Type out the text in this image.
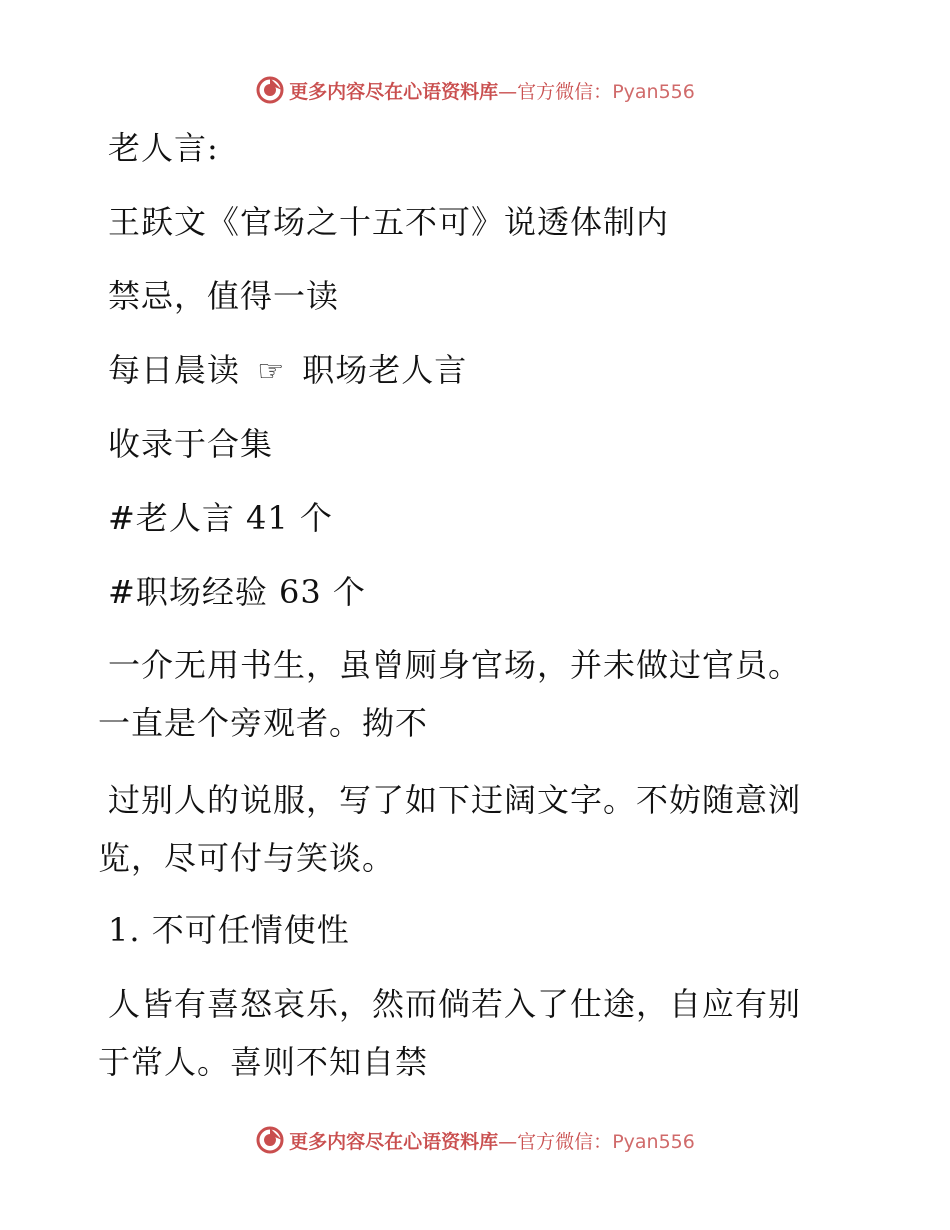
更多内容尽在心语资料库—官方微信：Pyan556
老人言:
王跃文《官场之十五不可》说透体制内
禁忌，值得一读
每日晨读 ☞ 职场老人言
收录于合集
#老人言 41 个
#职场经验 63 个
一介无用书生，虽曾厕身官场，并未做过官员。
一直是个旁观者。拗不
过别人的说服，写了如下迂阔文字。不妨随意浏
览，尽可付与笑谈。
1. 不可任情使性
人皆有喜怒哀乐，然而倘若入了仕途，自应有别
于常人。喜则不知自禁
更多内容尽在心语资料库—官方微信：Pyan556
